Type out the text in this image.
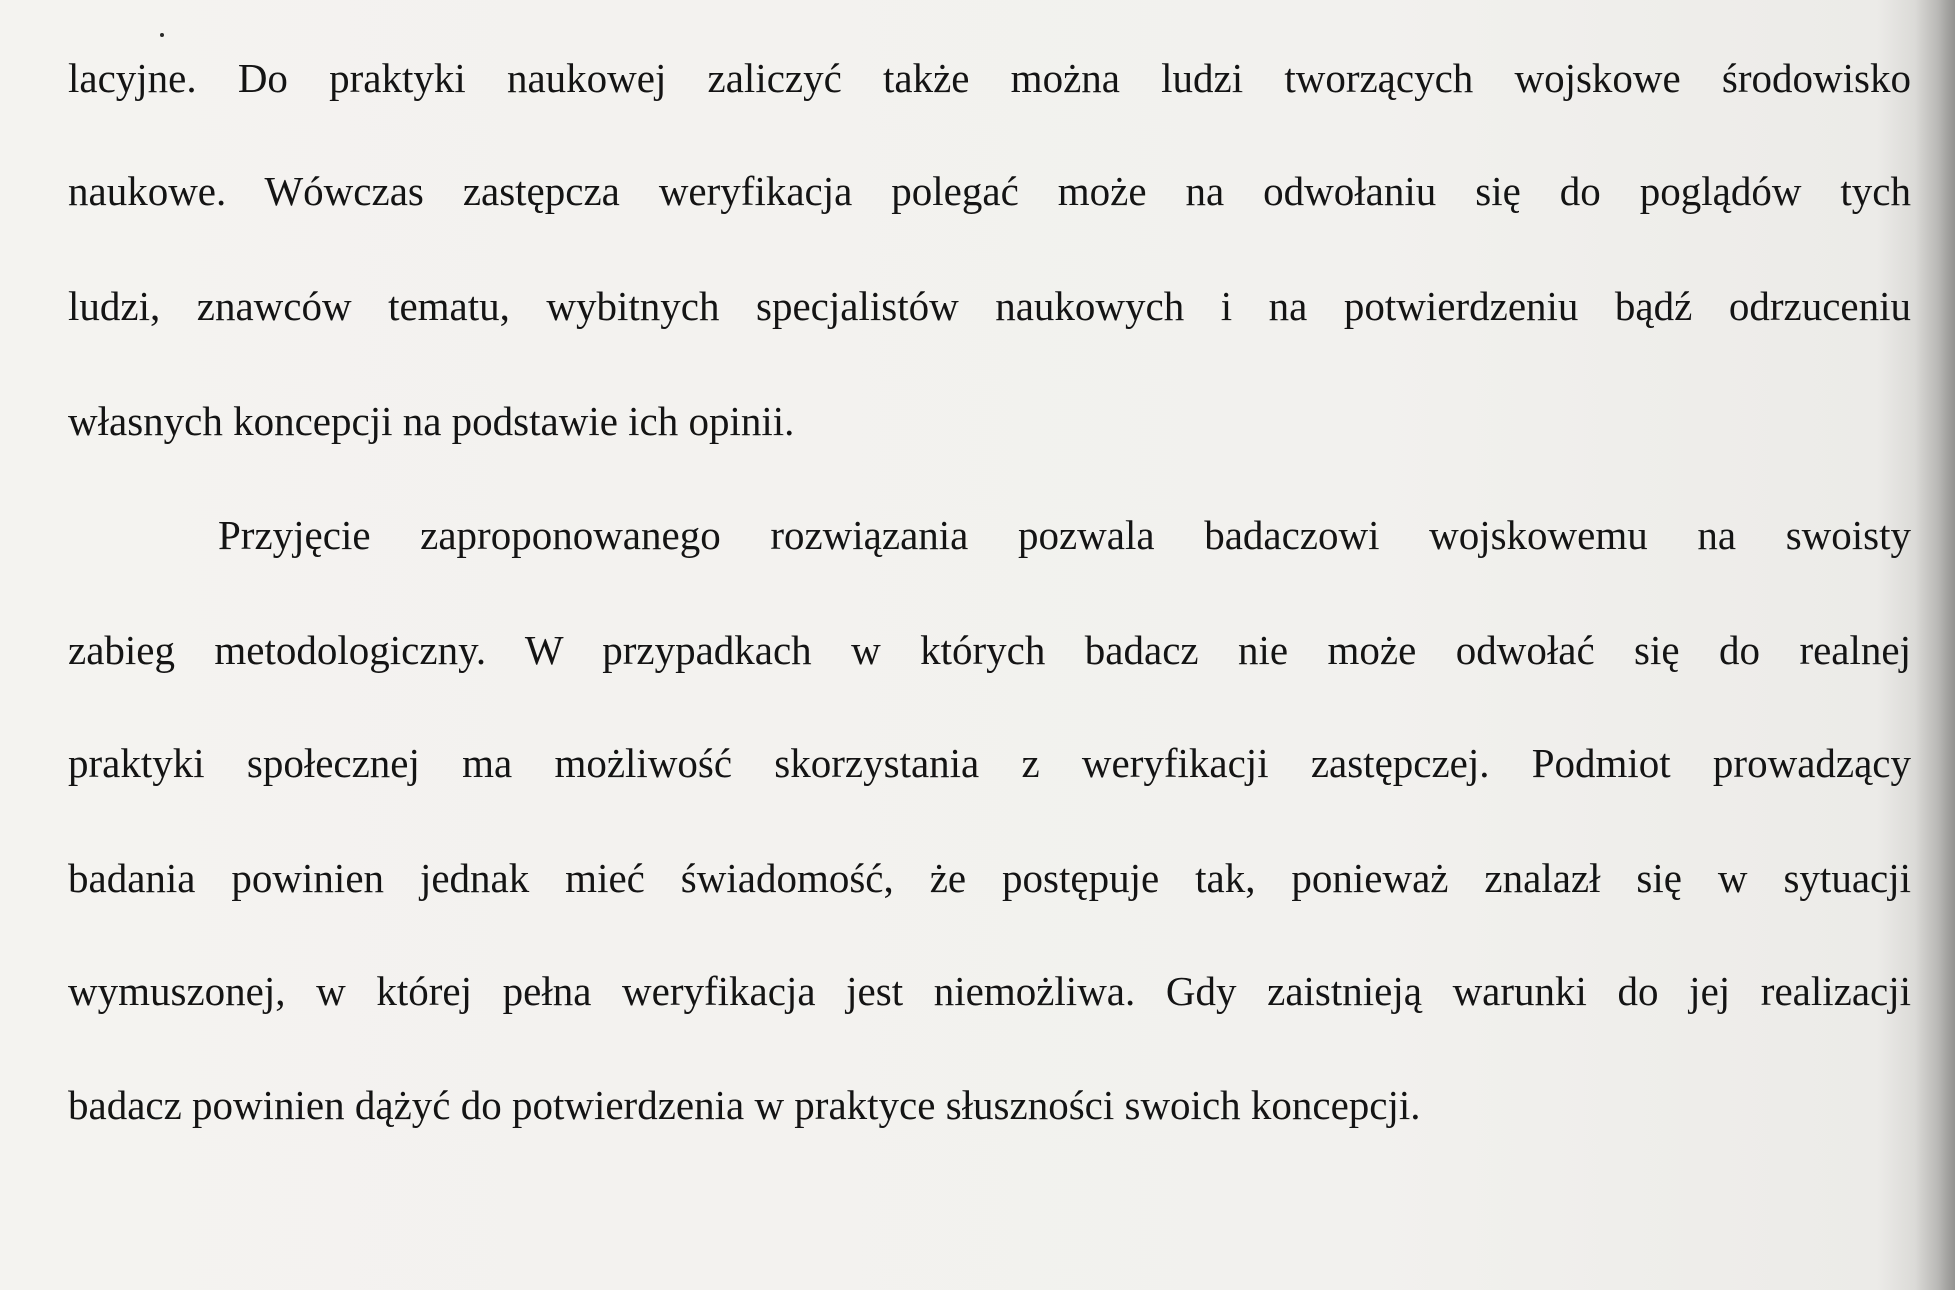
lacyjne. Do praktyki naukowej zaliczyć także można ludzi tworzących wojskowe środowisko

naukowe. Wówczas zastępcza weryfikacja polegać może na odwołaniu się do poglądów tych

ludzi, znawców tematu, wybitnych specjalistów naukowych i na potwierdzeniu bądź odrzuceniu

własnych koncepcji na podstawie ich opinii.

Przyjęcie zaproponowanego rozwiązania pozwala badaczowi wojskowemu na swoisty

zabieg metodologiczny. W przypadkach w których badacz nie może odwołać się do realnej

praktyki społecznej ma możliwość skorzystania z weryfikacji zastępczej. Podmiot prowadzący

badania powinien jednak mieć świadomość, że postępuje tak, ponieważ znalazł się w sytuacji

wymuszonej, w której pełna weryfikacja jest niemożliwa. Gdy zaistnieją warunki do jej realizacji

badacz powinien dążyć do potwierdzenia w praktyce słuszności swoich koncepcji.
